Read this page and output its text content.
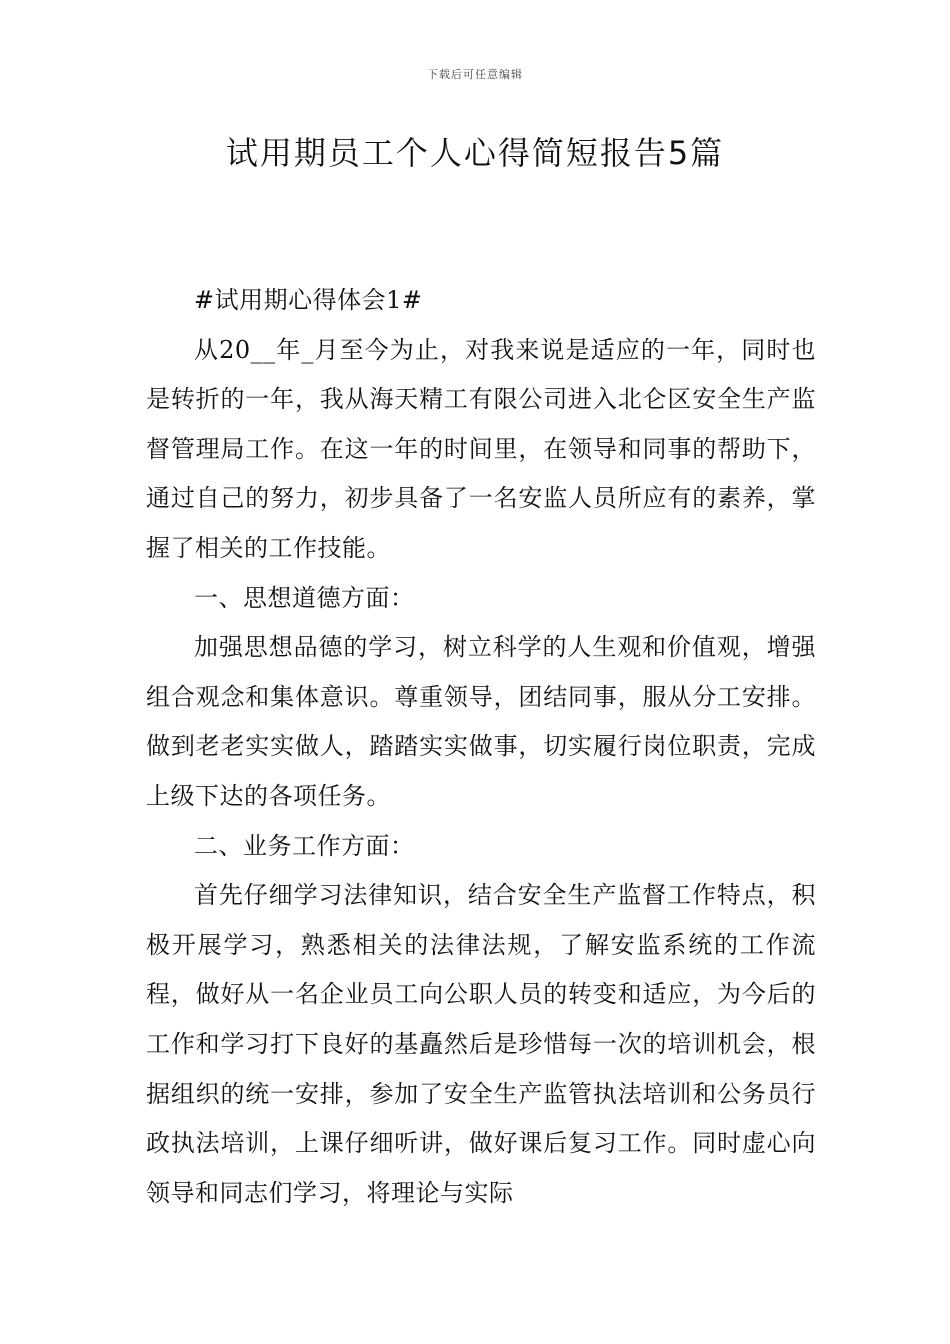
下载后可任意编辑
试用期员工个人心得简短报告5篇

#试用期心得体会1#

从20__年_月至今为止，对我来说是适应的一年，同时也是转折的一年，我从海天精工有限公司进入北仑区安全生产监督管理局工作。在这一年的时间里，在领导和同事的帮助下，通过自己的努力，初步具备了一名安监人员所应有的素养，掌握了相关的工作技能。

一、思想道德方面：

加强思想品德的学习，树立科学的人生观和价值观，增强组合观念和集体意识。尊重领导，团结同事，服从分工安排。做到老老实实做人，踏踏实实做事，切实履行岗位职责，完成上级下达的各项任务。

二、业务工作方面：

首先仔细学习法律知识，结合安全生产监督工作特点，积极开展学习，熟悉相关的法律法规，了解安监系统的工作流程，做好从一名企业员工向公职人员的转变和适应，为今后的工作和学习打下良好的基矗然后是珍惜每一次的培训机会，根据组织的统一安排，参加了安全生产监管执法培训和公务员行政执法培训，上课仔细听讲，做好课后复习工作。同时虚心向领导和同志们学习，将理论与实际
